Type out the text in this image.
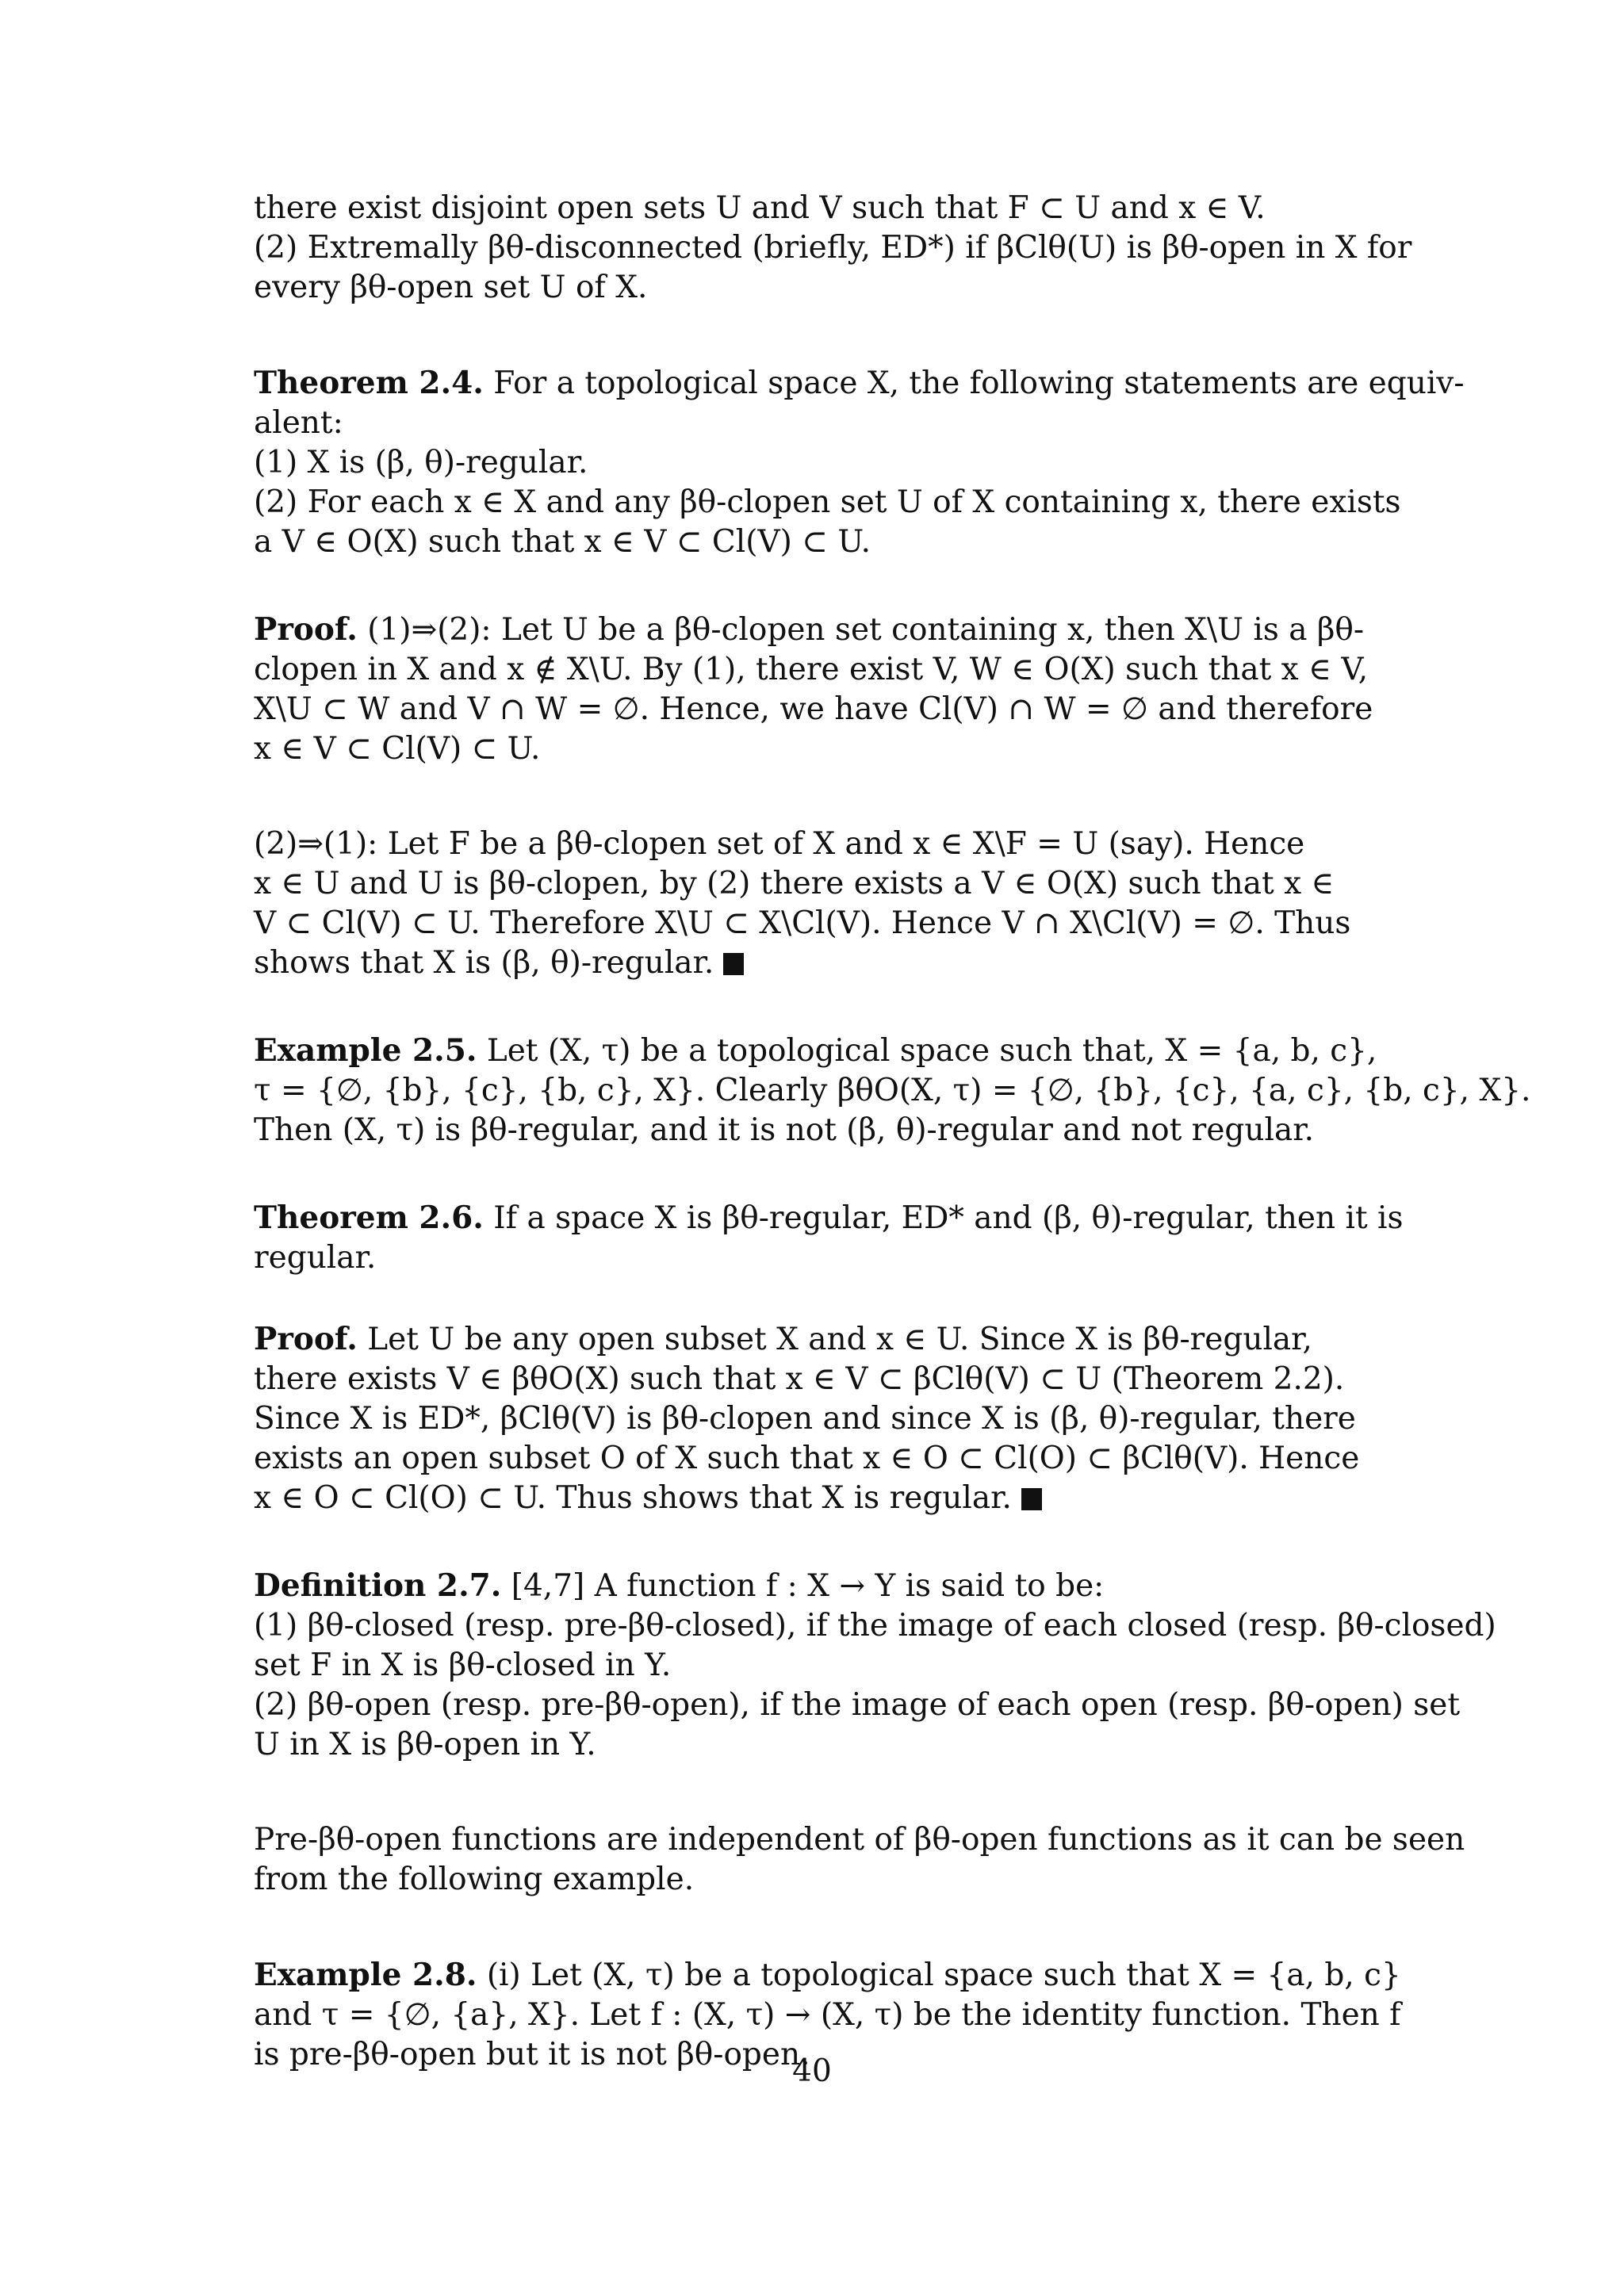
there exist disjoint open sets U and V such that F ⊂ U and x ∈ V.
(2) Extremally βθ-disconnected (briefly, ED*) if βClθ(U) is βθ-open in X for
every βθ-open set U of X.
Theorem 2.4. For a topological space X, the following statements are equiv-
alent:
(1) X is (β, θ)-regular.
(2) For each x ∈ X and any βθ-clopen set U of X containing x, there exists
a V ∈ O(X) such that x ∈ V ⊂ Cl(V) ⊂ U.
Proof. (1)⇒(2): Let U be a βθ-clopen set containing x, then X\U is a βθ-
clopen in X and x ∉ X\U. By (1), there exist V, W ∈ O(X) such that x ∈ V,
X\U ⊂ W and V ∩ W = ∅. Hence, we have Cl(V) ∩ W = ∅ and therefore
x ∈ V ⊂ Cl(V) ⊂ U.
(2)⇒(1): Let F be a βθ-clopen set of X and x ∈ X\F = U (say). Hence
x ∈ U and U is βθ-clopen, by (2) there exists a V ∈ O(X) such that x ∈
V ⊂ Cl(V) ⊂ U. Therefore X\U ⊂ X\Cl(V). Hence V ∩ X\Cl(V) = ∅. Thus
shows that X is (β, θ)-regular.
Example 2.5. Let (X, τ) be a topological space such that, X = {a, b, c},
τ = {∅, {b}, {c}, {b, c}, X}. Clearly βθO(X, τ) = {∅, {b}, {c}, {a, c}, {b, c}, X}.
Then (X, τ) is βθ-regular, and it is not (β, θ)-regular and not regular.
Theorem 2.6. If a space X is βθ-regular, ED* and (β, θ)-regular, then it is
regular.
Proof. Let U be any open subset X and x ∈ U. Since X is βθ-regular,
there exists V ∈ βθO(X) such that x ∈ V ⊂ βClθ(V) ⊂ U (Theorem 2.2).
Since X is ED*, βClθ(V) is βθ-clopen and since X is (β, θ)-regular, there
exists an open subset O of X such that x ∈ O ⊂ Cl(O) ⊂ βClθ(V). Hence
x ∈ O ⊂ Cl(O) ⊂ U. Thus shows that X is regular.
Definition 2.7. [4,7] A function f : X → Y is said to be:
(1) βθ-closed (resp. pre-βθ-closed), if the image of each closed (resp. βθ-closed)
set F in X is βθ-closed in Y.
(2) βθ-open (resp. pre-βθ-open), if the image of each open (resp. βθ-open) set
U in X is βθ-open in Y.
Pre-βθ-open functions are independent of βθ-open functions as it can be seen
from the following example.
Example 2.8. (i) Let (X, τ) be a topological space such that X = {a, b, c}
and τ = {∅, {a}, X}. Let f : (X, τ) → (X, τ) be the identity function. Then f
is pre-βθ-open but it is not βθ-open.
40
